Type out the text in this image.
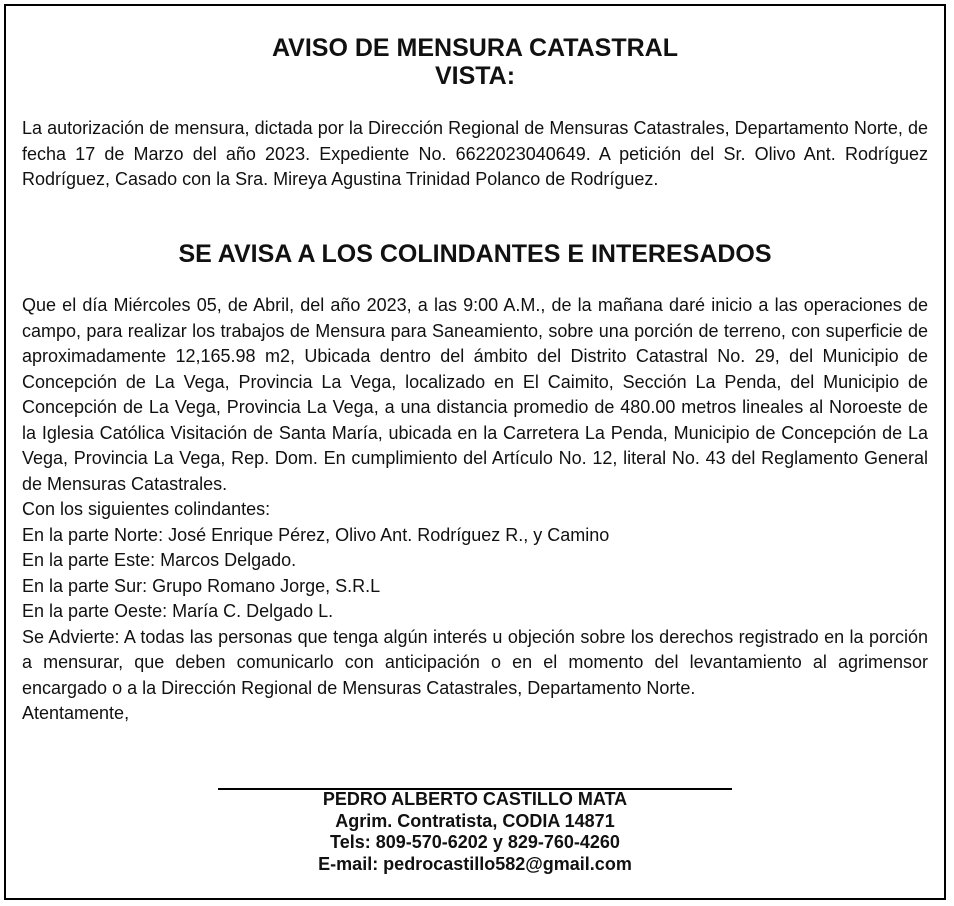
AVISO DE MENSURA CATASTRAL
VISTA:

La autorización de mensura, dictada por la Dirección Regional de Mensuras Catastrales, Departamento Norte, de fecha 17 de Marzo del año 2023. Expediente No. 6622023040649. A petición del Sr. Olivo Ant. Rodríguez Rodríguez, Casado con la Sra. Mireya Agustina Trinidad Polanco de Rodríguez.

SE AVISA A LOS COLINDANTES E INTERESADOS

Que el día Miércoles 05, de Abril, del año 2023, a las 9:00 A.M., de la mañana daré inicio a las operaciones de campo, para realizar los trabajos de Mensura para Saneamiento, sobre una porción de terreno, con superficie de aproximadamente 12,165.98 m2, Ubicada dentro del ámbito del Distrito Catastral No. 29, del Municipio de Concepción de La Vega, Provincia La Vega, localizado en El Caimito, Sección La Penda, del Municipio de Concepción de La Vega, Provincia La Vega, a una distancia promedio de 480.00 metros lineales al Noroeste de la Iglesia Católica Visitación de Santa María, ubicada en la Carretera La Penda, Municipio de Concepción de La Vega, Provincia La Vega, Rep. Dom. En cumplimiento del Artículo No. 12, literal No. 43 del Reglamento General de Mensuras Catastrales.

Con los siguientes colindantes:
En la parte Norte: José Enrique Pérez, Olivo Ant. Rodríguez R., y Camino
En la parte Este: Marcos Delgado.
En la parte Sur: Grupo Romano Jorge, S.R.L
En la parte Oeste: María C. Delgado L.

Se Advierte: A todas las personas que tenga algún interés u objeción sobre los derechos registrado en la porción a mensurar, que deben comunicarlo con anticipación o en el momento del levantamiento al agrimensor encargado o a la Dirección Regional de Mensuras Catastrales, Departamento Norte.

Atentamente,
PEDRO ALBERTO CASTILLO MATA
Agrim. Contratista, CODIA 14871
Tels: 809-570-6202 y 829-760-4260
E-mail: pedrocastillo582@gmail.com
